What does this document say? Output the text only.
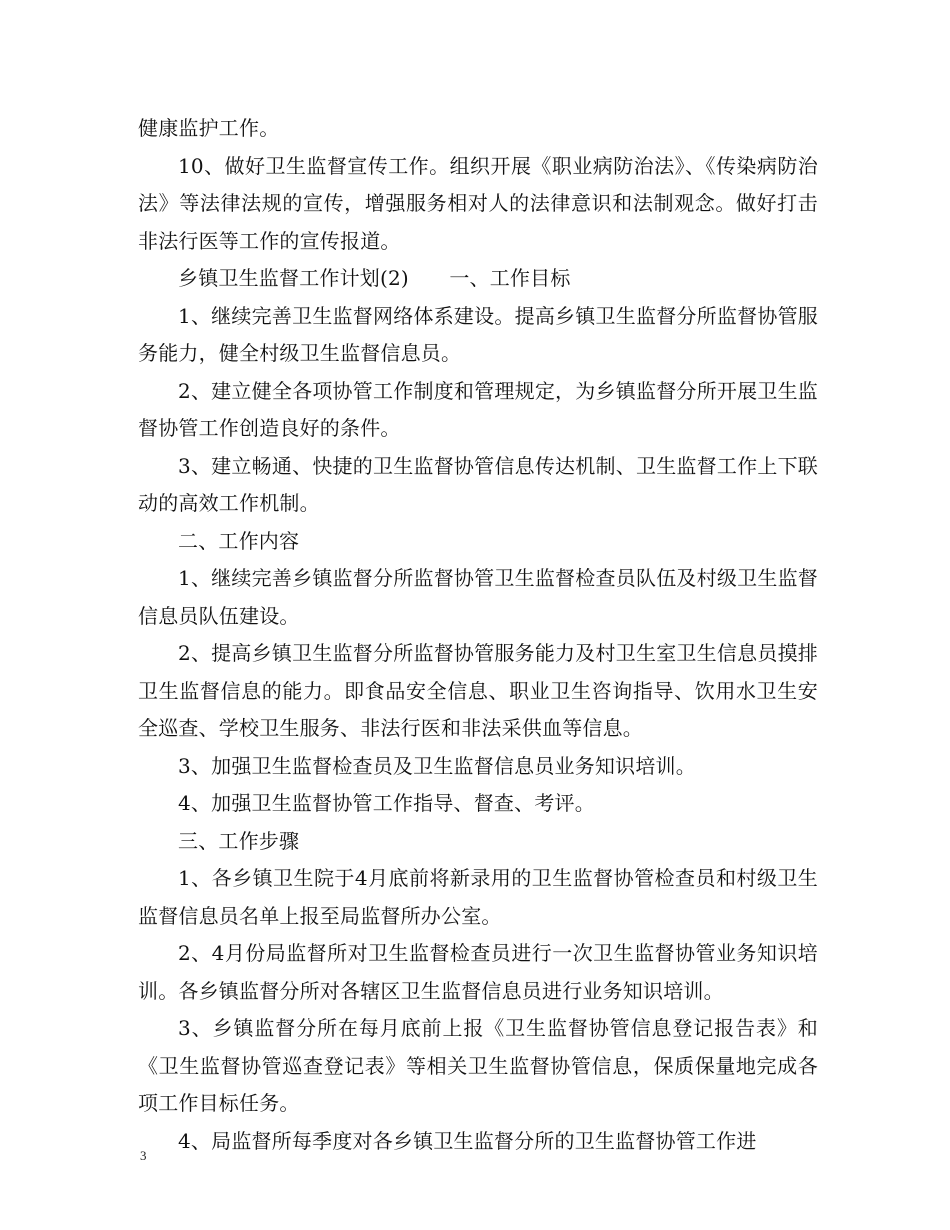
健康监护工作。

10、做好卫生监督宣传工作。组织开展《职业病防治法》、《传染病防治法》等法律法规的宣传，增强服务相对人的法律意识和法制观念。做好打击非法行医等工作的宣传报道。

乡镇卫生监督工作计划(2)　　一、工作目标

1、继续完善卫生监督网络体系建设。提高乡镇卫生监督分所监督协管服务能力，健全村级卫生监督信息员。

2、建立健全各项协管工作制度和管理规定，为乡镇监督分所开展卫生监督协管工作创造良好的条件。

3、建立畅通、快捷的卫生监督协管信息传达机制、卫生监督工作上下联动的高效工作机制。

二、工作内容

1、继续完善乡镇监督分所监督协管卫生监督检查员队伍及村级卫生监督信息员队伍建设。

2、提高乡镇卫生监督分所监督协管服务能力及村卫生室卫生信息员摸排卫生监督信息的能力。即食品安全信息、职业卫生咨询指导、饮用水卫生安全巡查、学校卫生服务、非法行医和非法采供血等信息。

3、加强卫生监督检查员及卫生监督信息员业务知识培训。

4、加强卫生监督协管工作指导、督查、考评。

三、工作步骤

1、各乡镇卫生院于4月底前将新录用的卫生监督协管检查员和村级卫生监督信息员名单上报至局监督所办公室。

2、4月份局监督所对卫生监督检查员进行一次卫生监督协管业务知识培训。各乡镇监督分所对各辖区卫生监督信息员进行业务知识培训。

3、乡镇监督分所在每月底前上报《卫生监督协管信息登记报告表》和《卫生监督协管巡查登记表》等相关卫生监督协管信息，保质保量地完成各项工作目标任务。

4、局监督所每季度对各乡镇卫生监督分所的卫生监督协管工作进

3
